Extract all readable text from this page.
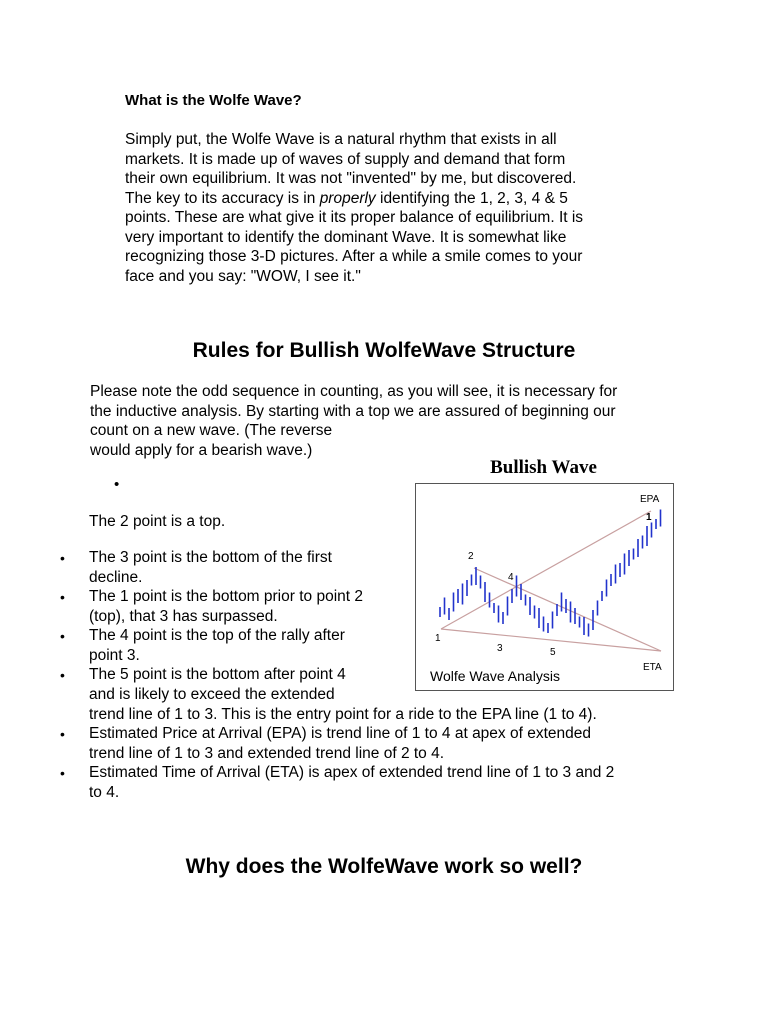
What is the Wolfe Wave?

Simply put, the Wolfe Wave is a natural rhythm that exists in all

markets. It is made up of waves of supply and demand that form

their own equilibrium. It was not "invented" by me, but discovered.

The key to its accuracy is in properly identifying the 1, 2, 3, 4 & 5

points. These are what give it its proper balance of equilibrium. It is

very important to identify the dominant Wave. It is somewhat like

recognizing those 3-D pictures. After a while a smile comes to your

face and you say: "WOW, I see it."

Rules for Bullish WolfeWave Structure

Please note the odd sequence in counting, as you will see, it is necessary for

the inductive analysis. By starting with a top we are assured of beginning our

count on a new wave. (The reverse

would apply for a bearish wave.)

Bullish Wave
EPA
1
2
4
1
3	5
ETA
Wolfe Wave Analysis
•
The 2 point is a top.
• The 3 point is the bottom of the first
decline.
• The 1 point is the bottom prior to point 2
(top), that 3 has surpassed.
• The 4 point is the top of the rally after
point 3.
• The 5 point is the bottom after point 4
and is likely to exceed the extended
trend line of 1 to 3. This is the entry point for a ride to the EPA line (1 to 4).
• Estimated Price at Arrival (EPA) is trend line of 1 to 4 at apex of extended
trend line of 1 to 3 and extended trend line of 2 to 4.
• Estimated Time of Arrival (ETA) is apex of extended trend line of 1 to 3 and 2
to 4.
Why does the WolfeWave work so well?
